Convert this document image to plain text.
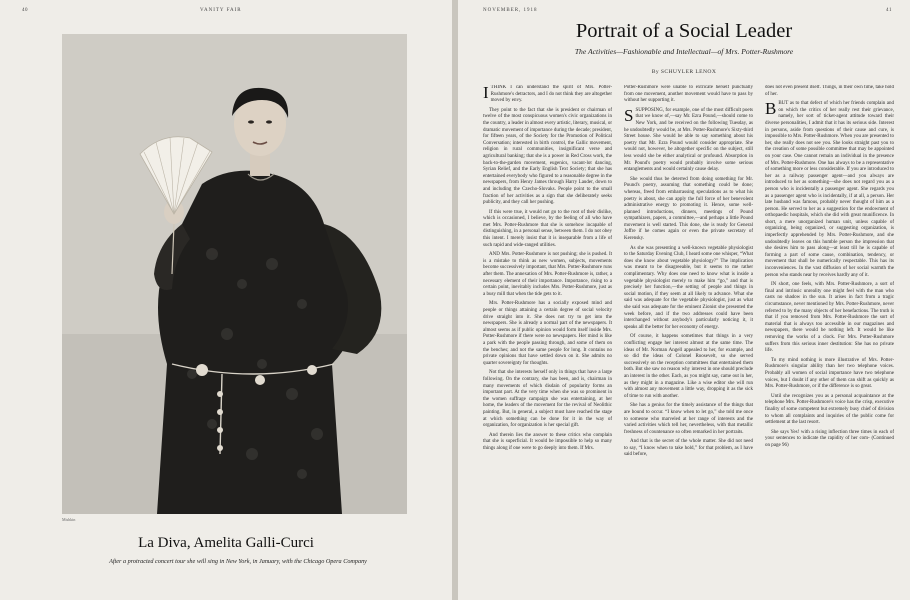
40	VANITY FAIR
Mishkin
La Diva, Amelita Galli-Curci
After a protracted concert tour she will sing in New York, in January, with the Chicago Opera Company
NOVEMBER, 1918	41
Portrait of a Social Leader
The Activities—Fashionable and Intellectual—of Mrs. Potter-Rushmore
By SCHUYLER LENOX

ITHINK I can understand the spirit of Mrs. Potter-Rushmore's detractors, and I do not think they are altogether moved by envy.

They point to the fact that she is president or chairman of twelve of the most conspicuous women's civic organizations in the country, a leader in almost every artistic, literary, musical, or dramatic movement of importance during the decade; president, for fifteen years, of the Society for the Promotion of Political Conversation; interested in birth control, the Gallic movement, religion in rural communities, insignificant verse and agricultural banking; that she is a power in Red Cross work, the back-to-the-garden movement, eugenics, vacant-lot dancing, Syrian Relief, and the Early English Text Society; that she has entertained everybody who figured to a reasonable degree in the newspapers, from Henry James through Harry Lauder, down to and including the Czecho-Slovaks. People point to the small fraction of her activities as a sign that she deliberately seeks publicity, and they call her pushing.

If this were true, it would not go to the root of their dislike, which is occasioned, I believe, by the feeling of all who have met Mrs. Potter-Rushmore that she is somehow incapable of distinguishing, in a personal sense, between them. I do not obey this intent. I merely insist that it is inseparable from a life of such rapid and wide-ranged utilities.

AND Mrs. Potter-Rushmore is not pushing; she is pushed. It is a mistake to think as new women, subjects, movements become successively important, that Mrs. Potter-Rushmore runs after them. The annexation of Mrs. Potter-Rushmore is, rather, a necessary element of their importance. Importance, rising to a certain point, inevitably includes Mrs. Potter-Rushmore, just as a busy mill that when the tide gets to it.

Mrs. Potter-Rushmore has a socially exposed mind and people or things attaining a certain degree of social velocity drive straight into it. She does not try to get into the newspapers. She is already a normal part of the newspapers. It almost seems as if public opinion would form itself inside Mrs. Potter-Rushmore if there were no newspapers. Her mind is like a park with the people passing through, and some of them on the benches; and not the same people for long. It contains no private opinions that have settled down on it. She admits no quarter sovereignty for thoughts.

Not that she interests herself only in things that have a large following. On the contrary, she has been, and is, chairman in many movements of which disdain of popularity forms an important part. At the very time when she was so prominent in the women suffrage campaign she was entertaining, at her home, the leaders of the movement for the revival of Neolithic painting. But, in general, a subject must have reached the stage at which something can be done for it in the way of organization, for organization is her special gift.

And therein lies the answer to these critics who complain that she is superficial. It would be impossible to help so many things along if one were to go deeply into them. If Mrs.

Potter-Rushmore were unable to extricate herself punctually from one movement, another movement would have to pass by without her supporting it.

SSUPPOSING, for example, one of the most difficult poets that we know of,—say Mr. Ezra Pound,—should come to New York, and be received on the following Tuesday, as he undoubtedly would be, at Mrs. Potter-Rushmore's Sixty-third Street house. She would be able to say something about his poetry that Mr. Ezra Pound would consider appropriate. She would not, however, be altogether specific on the subject, still less would she be either analytical or profound. Absorption in Mr. Pound's poetry would probably involve some serious entanglements and would certainly cause delay.

She would thus be deterred from doing something for Mr. Pound's poetry, assuming that something could be done; whereas, freed from embarrassing speculations as to what his poetry is about, she can apply the full force of her benevolent administrative energy to promoting it. Hence, some well-planned introductions, dinners, meetings of Pound sympathizers, papers, a committee,—and perhaps a little Pound movement is well started. This done, she is ready for General Joffre if he comes again or even the private secretary of Kerensky.

As she was presenting a well-known vegetable physiologist to the Saturday Evening Club, I heard some one whisper, “What does she know about vegetable physiology?” The implication was meant to be disagreeable, but it seems to me rather complimentary. Why does one need to know what is inside a vegetable physiologist merely to make him “go,” and that is precisely her function,—the setting of people and things in social motion, if they seem at all likely to advance. What she said was adequate for the vegetable physiologist, just as what she said was adequate for the eminent Zionist she presented the week before, and if the two addresses could have been interchanged without anybody's particularly noticing it, it speaks all the better for her economy of energy.

Of course, it happens sometimes that things in a very conflicting engage her interest almost at the same time. The ideas of Mr. Norman Angell appealed to her, for example, and so did the ideas of Colonel Roosevelt, so she served successively on the reception committees that entertained them both. But she saw no reason why interest in one should preclude an interest in the other. Each, as you might say, came out in her, as they might in a magazine. Like a wise editor she will run with almost any movement a little way, dropping it as the sick of time to run with another.

She has a genius for the timely assistance of the things that are bound to occur. “I know when to let go,” she told me once to someone who marveled at her range of interests and the varied activities which tell her, nevertheless, with that metallic freshness of countenance so often remarked in her portraits.

And that is the secret of the whole matter. She did not need to say, “I know when to take hold,” for that problem, as I have said before,

does not even present itself. Things, in their own time, take hold of her.

BBUT as to that defect of which her friends complain and on which the critics of her really rest their grievance, namely, her sort of ticket-agent attitude toward their diverse personalities, I admit that it has its serious side. Interest in persons, aside from questions of their cause and cure, is impossible to Mrs. Potter-Rushmore. When you are presented to her, she really does not see you. She looks straight past you to the creation of some possible committee that may be appointed on your case. One cannot remain an individual in the presence of Mrs. Potter-Rushmore. One has always to be a representative of something more or less considerable. If you are introduced to her as a railway passenger agent—and you always are introduced to her as something—she does not regard you as a person who is incidentally a passenger agent. She regards you as a passenger agent who is incidentally, if at all, a person. Her late husband was famous, probably never thought of him as a person. He served to her as a suggestion for the endowment of orthopaedic hospitals, which she did with great munificence. In short, a mere unorganized human unit, unless capable of organizing, being organized, or suggesting organization, is imperfectly apprehended by Mrs. Potter-Rushmore, and she undoubtedly leaves on this humble person the impression that she desires him to pass along—at least till he is capable of forming a part of some cause, combination, tendency, or movement that shall be numerically respectable. This has its inconveniences. In the vast diffusion of her social warmth the person who stands near by receives hardly any of it.

IN short, one feels, with Mrs. Potter-Rushmore, a sort of final and intrinsic unreality one might feel with the man who casts no shadow in the sun. It arises in fact from a tragic circumstance, never mentioned by Mrs. Potter-Rushmore, never referred to by the many objects of her benefactions. The truth is that if you removed from Mrs. Potter-Rushmore the sort of material that is always too accessible in our magazines and newspapers, there would be nothing left. It would be like removing the works of a clock. For Mrs. Potter-Rushmore suffers from this serious inner destitution: She has no private life.

To my mind nothing is more illustrative of Mrs. Potter-Rushmore's singular ability than her two telephone voices. Probably all women of social importance have two telephone voices, but I doubt if any other of them can shift as quickly as Mrs. Potter-Rushmore, or if the difference is so great.

Until she recognizes you as a personal acquaintance at the telephone Mrs. Potter-Rushmore's voice has the crisp, executive finality of some competent but extremely busy chief of division to whom all complaints and inquiries of the public come for settlement at the last resort.

She says Yes! with a rising inflection three times in each of your sentences to indicate the rapidity of her com- (Continued on page 96)
